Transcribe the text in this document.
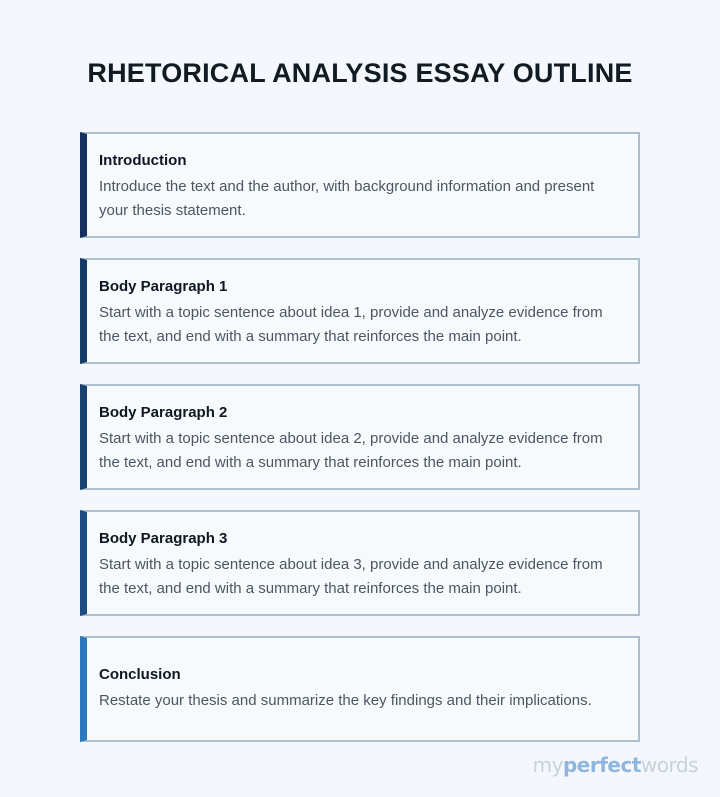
RHETORICAL ANALYSIS ESSAY OUTLINE
Introduction
Introduce the text and the author, with background information and present your thesis statement.
Body Paragraph 1
Start with a topic sentence about idea 1, provide and analyze evidence from the text, and end with a summary that reinforces the main point.
Body Paragraph 2
Start with a topic sentence about idea 2, provide and analyze evidence from the text, and end with a summary that reinforces the main point.
Body Paragraph 3
Start with a topic sentence about idea 3, provide and analyze evidence from the text, and end with a summary that reinforces the main point.
Conclusion
Restate your thesis and summarize the key findings and their implications.
myperfectwords
